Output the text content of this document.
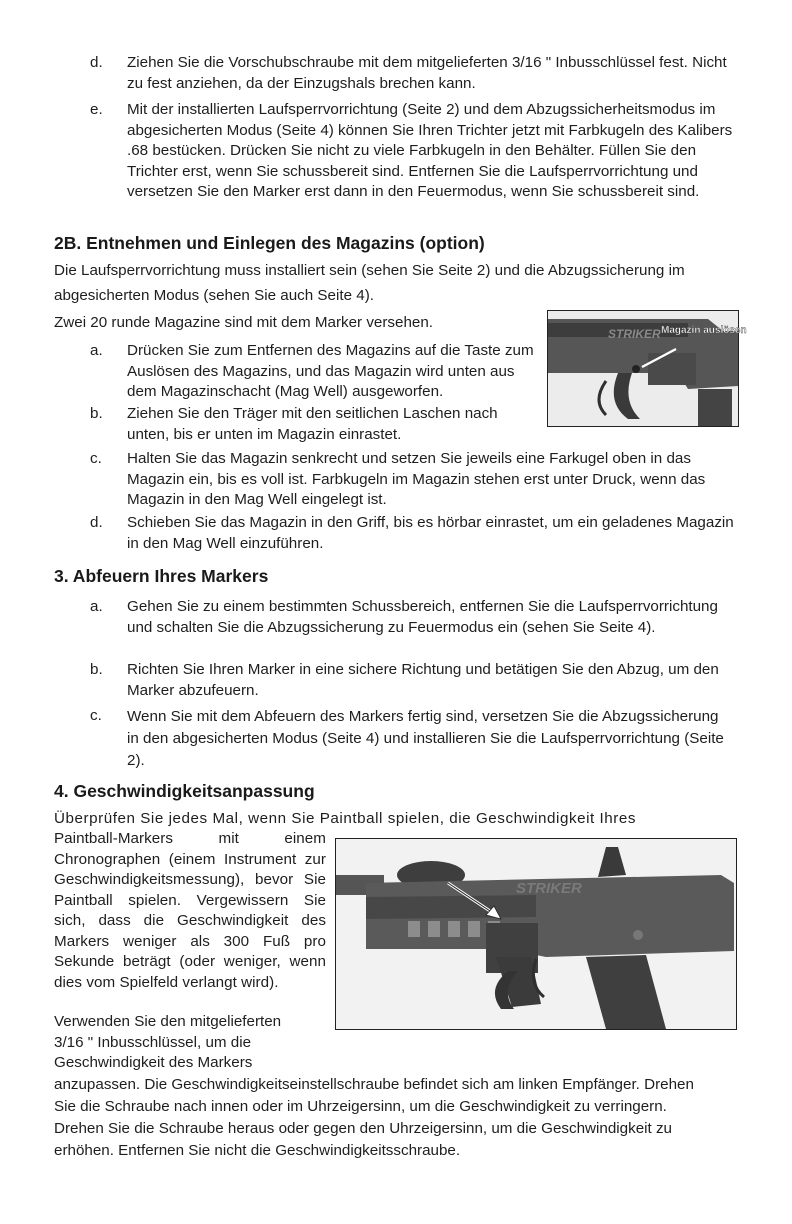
d. Ziehen Sie die Vorschubschraube mit dem mitgelieferten 3/16 " Inbusschlüssel fest. Nicht zu fest anziehen, da der Einzugshals brechen kann.
e. Mit der installierten Laufsperrvorrichtung (Seite 2) und dem Abzugssicherheitsmodus im abgesicherten Modus (Seite 4) können Sie Ihren Trichter jetzt mit Farbkugeln des Kalibers .68 bestücken. Drücken Sie nicht zu viele Farbkugeln in den Behälter. Füllen Sie den Trichter erst, wenn Sie schussbereit sind. Entfernen Sie die Laufsperrvorrichtung und versetzen Sie den Marker erst dann in den Feuermodus, wenn Sie schussbereit sind.
2B. Entnehmen und Einlegen des Magazins (option)
Die Laufsperrvorrichtung muss installiert sein (sehen Sie Seite 2) und die Abzugssicherung im abgesicherten Modus (sehen Sie auch Seite 4).
Zwei 20 runde Magazine sind mit dem Marker versehen.
STRIKER Magazin auslösen
a. Drücken Sie zum Entfernen des Magazins auf die Taste zum Auslösen des Magazins, und das Magazin wird unten aus dem Magazinschacht (Mag Well) ausgeworfen.
b. Ziehen Sie den Träger mit den seitlichen Laschen nach unten, bis er unten im Magazin einrastet.
c. Halten Sie das Magazin senkrecht und setzen Sie jeweils eine Farkugel oben in das Magazin ein, bis es voll ist. Farbkugeln im Magazin stehen erst unter Druck, wenn das Magazin in den Mag Well eingelegt ist.
d. Schieben Sie das Magazin in den Griff, bis es hörbar einrastet, um ein geladenes Magazin in den Mag Well einzuführen.
3. Abfeuern Ihres Markers
a. Gehen Sie zu einem bestimmten Schussbereich, entfernen Sie die Laufsperrvorrichtung und schalten Sie die Abzugssicherung zu Feuermodus ein (sehen Sie Seite 4).
b. Richten Sie Ihren Marker in eine sichere Richtung und betätigen Sie den Abzug, um den Marker abzufeuern.
c. Wenn Sie mit dem Abfeuern des Markers fertig sind, versetzen Sie die Abzugssicherung in den abgesicherten Modus (Seite 4) und installieren Sie die Laufsperrvorrichtung (Seite 2).
4. Geschwindigkeitsanpassung
Überprüfen Sie jedes Mal, wenn Sie Paintball spielen, die Geschwindigkeit Ihres
Paintball-Markers mit einem Chronographen (einem Instrument zur Geschwindigkeitsmessung), bevor Sie Paintball spielen. Vergewissern Sie sich, dass die Geschwindigkeit des Markers weniger als 300 Fuß pro Sekunde beträgt (oder weniger, wenn dies vom Spielfeld verlangt wird).
Verwenden Sie den mitgelieferten 3/16 " Inbusschlüssel, um die Geschwindigkeit des Markers
anzupassen. Die Geschwindigkeitseinstellschraube befindet sich am linken Empfänger. Drehen Sie die Schraube nach innen oder im Uhrzeigersinn, um die Geschwindigkeit zu verringern. Drehen Sie die Schraube heraus oder gegen den Uhrzeigersinn, um die Geschwindigkeit zu erhöhen. Entfernen Sie nicht die Geschwindigkeitsschraube.
STRIKER
